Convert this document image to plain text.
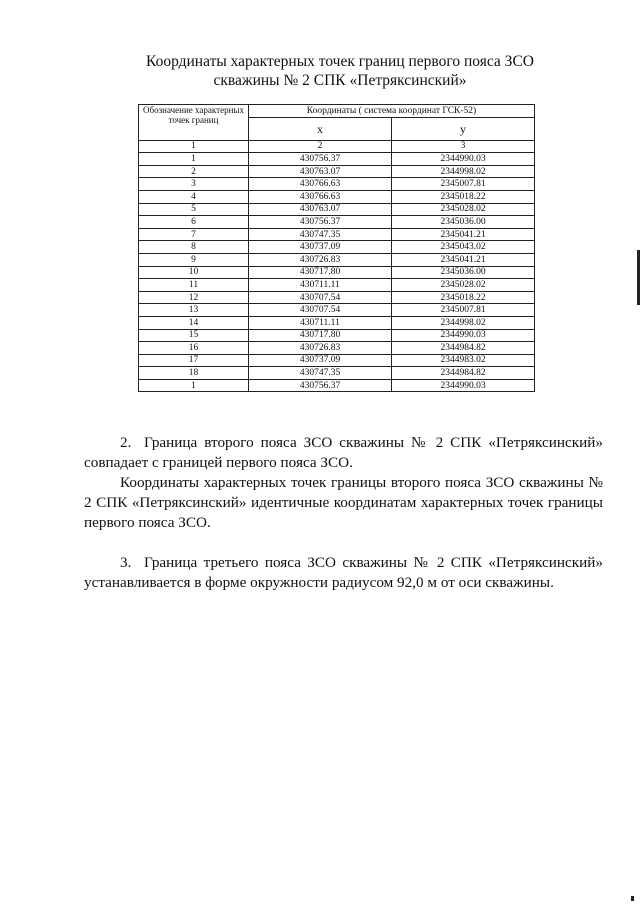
Координаты характерных точек границ первого пояса ЗСО
скважины № 2 СПК «Петряксинский»
Обозначение характерных точек границ	Координаты ( система координат ГСК-52)	
	x	y
1	2	3
1	430756.37	2344990.03
2	430763.07	2344998.02
3	430766.63	2345007.81
4	430766.63	2345018.22
5	430763.07	2345028.02
6	430756.37	2345036.00
7	430747.35	2345041.21
8	430737.09	2345043.02
9	430726.83	2345041.21
10	430717.80	2345036.00
11	430711.11	2345028.02
12	430707.54	2345018.22
13	430707.54	2345007.81
14	430711.11	2344998.02
15	430717.80	2344990.03
16	430726.83	2344984.82
17	430737.09	2344983.02
18	430747.35	2344984.82
1	430756.37	2344990.03
2. Граница второго пояса ЗСО скважины № 2 СПК «Петряксинский» совпадает с границей первого пояса ЗСО.
Координаты характерных точек границы второго пояса ЗСО скважины № 2 СПК «Петряксинский» идентичные координатам характерных точек границы первого пояса ЗСО.
3. Граница третьего пояса ЗСО скважины № 2 СПК «Петряксинский» устанавливается в форме окружности радиусом 92,0 м от оси скважины.
